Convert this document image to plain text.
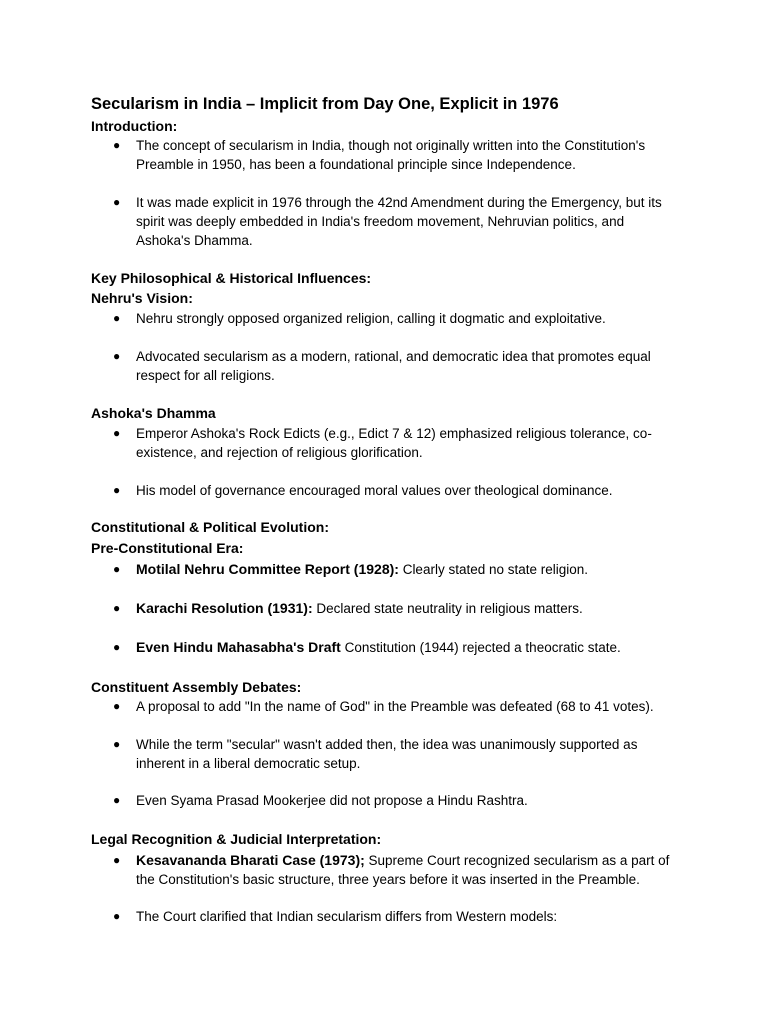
Secularism in India – Implicit from Day One, Explicit in 1976
Introduction:
●	The concept of secularism in India, though not originally written into the Constitution's Preamble in 1950, has been a foundational principle since Independence.
●	It was made explicit in 1976 through the 42nd Amendment during the Emergency, but its spirit was deeply embedded in India's freedom movement, Nehruvian politics, and Ashoka's Dhamma.
Key Philosophical & Historical Influences:
Nehru's Vision:
●	Nehru strongly opposed organized religion, calling it dogmatic and exploitative.
●	Advocated secularism as a modern, rational, and democratic idea that promotes equal respect for all religions.
Ashoka's Dhamma
●	Emperor Ashoka's Rock Edicts (e.g., Edict 7 & 12) emphasized religious tolerance, co-existence, and rejection of religious glorification.
●	His model of governance encouraged moral values over theological dominance.
Constitutional & Political Evolution:
Pre-Constitutional Era:
●	Motilal Nehru Committee Report (1928): Clearly stated no state religion.
●	Karachi Resolution (1931): Declared state neutrality in religious matters.
●	Even Hindu Mahasabha's Draft Constitution (1944) rejected a theocratic state.
Constituent Assembly Debates:
●	A proposal to add "In the name of God" in the Preamble was defeated (68 to 41 votes).
●	While the term "secular" wasn't added then, the idea was unanimously supported as inherent in a liberal democratic setup.
●	Even Syama Prasad Mookerjee did not propose a Hindu Rashtra.
Legal Recognition & Judicial Interpretation:
●	Kesavananda Bharati Case (1973); Supreme Court recognized secularism as a part of the Constitution's basic structure, three years before it was inserted in the Preamble.
●	The Court clarified that Indian secularism differs from Western models:
